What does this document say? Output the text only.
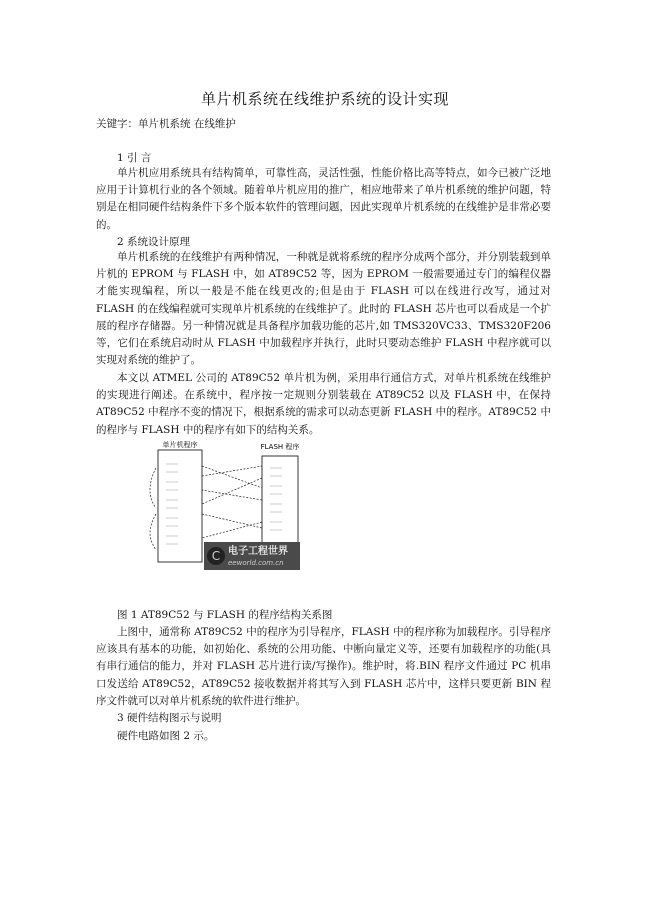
单片机系统在线维护系统的设计实现
关键字：单片机系统 在线维护
1 引 言
单片机应用系统具有结构简单，可靠性高，灵活性强，性能价格比高等特点，如今已被广泛地应用于计算机行业的各个领域。随着单片机应用的推广，相应地带来了单片机系统的维护问题，特别是在相同硬件结构条件下多个版本软件的管理问题，因此实现单片机系统的在线维护是非常必要的。
2 系统设计原理
单片机系统的在线维护有两种情况，一种就是就将系统的程序分成两个部分，并分别装载到单片机的 EPROM 与 FLASH 中，如 AT89C52 等，因为 EPROM 一般需要通过专门的编程仪器才能实现编程，所以一般是不能在线更改的;但是由于 FLASH 可以在线进行改写，通过对 FLASH 的在线编程就可实现单片机系统的在线维护了。此时的 FLASH 芯片也可以看成是一个扩展的程序存储器。另一种情况就是具备程序加载功能的芯片,如 TMS320VC33、TMS320F206 等，它们在系统启动时从 FLASH 中加载程序并执行，此时只要动态维护 FLASH 中程序就可以实现对系统的维护了。
本文以 ATMEL 公司的 AT89C52 单片机为例，采用串行通信方式，对单片机系统在线维护的实现进行阐述。在系统中，程序按一定规则分别装载在 AT89C52 以及 FLASH 中，在保持 AT89C52 中程序不变的情况下，根据系统的需求可以动态更新 FLASH 中的程序。AT89C52 中的程序与 FLASH 中的程序有如下的结构关系。
单片机程序	FLASH 程序
C 电子工程世界
eeworld.com.cn
图 1 AT89C52 与 FLASH 的程序结构关系图
上图中，通常称 AT89C52 中的程序为引导程序，FLASH 中的程序称为加载程序。引导程序应该具有基本的功能，如初始化、系统的公用功能、中断向量定义等，还要有加载程序的功能(具有串行通信的能力，并对 FLASH 芯片进行读/写操作)。维护时，将.BIN 程序文件通过 PC 机串口发送给 AT89C52，AT89C52 接收数据并将其写入到 FLASH 芯片中，这样只要更新 BIN 程序文件就可以对单片机系统的软件进行维护。
3 硬件结构图示与说明
硬件电路如图 2 示。
